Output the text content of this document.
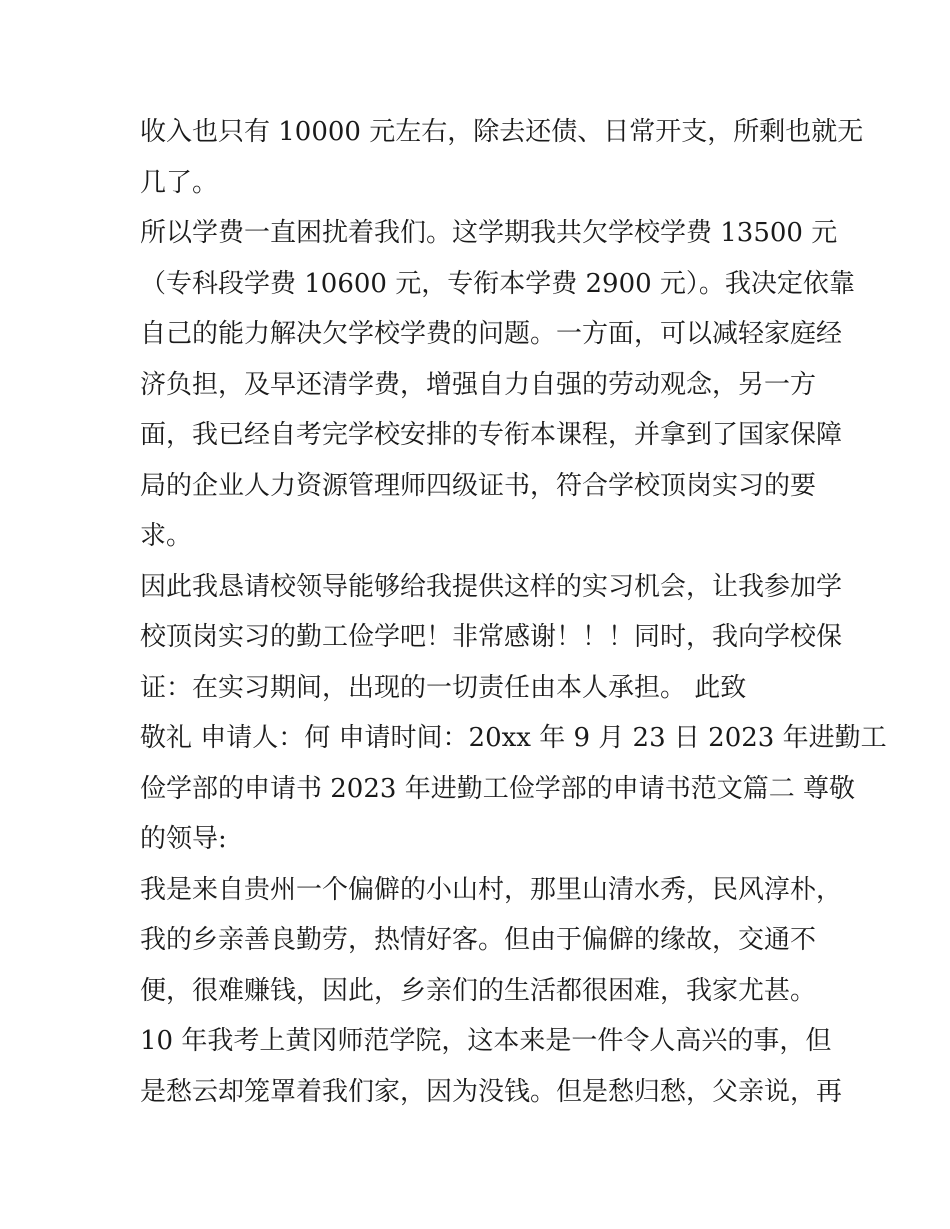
收入也只有 10000 元左右，除去还债、日常开支，所剩也就无
几了。
所以学费一直困扰着我们。这学期我共欠学校学费 13500 元
（专科段学费 10600 元，专衔本学费 2900 元）。我决定依靠
自己的能力解决欠学校学费的问题。一方面，可以减轻家庭经
济负担，及早还清学费，增强自力自强的劳动观念，另一方
面，我已经自考完学校安排的专衔本课程，并拿到了国家保障
局的企业人力资源管理师四级证书，符合学校顶岗实习的要
求。
因此我恳请校领导能够给我提供这样的实习机会，让我参加学
校顶岗实习的勤工俭学吧！非常感谢！！！同时，我向学校保
证：在实习期间，出现的一切责任由本人承担。 此致
敬礼 申请人：何 申请时间：20xx 年 9 月 23 日 2023 年进勤工
俭学部的申请书 2023 年进勤工俭学部的申请书范文篇二 尊敬
的领导:
我是来自贵州一个偏僻的小山村，那里山清水秀，民风淳朴，
我的乡亲善良勤劳，热情好客。但由于偏僻的缘故，交通不
便，很难赚钱，因此，乡亲们的生活都很困难，我家尤甚。
10 年我考上黄冈师范学院，这本来是一件令人高兴的事，但
是愁云却笼罩着我们家，因为没钱。但是愁归愁，父亲说，再
